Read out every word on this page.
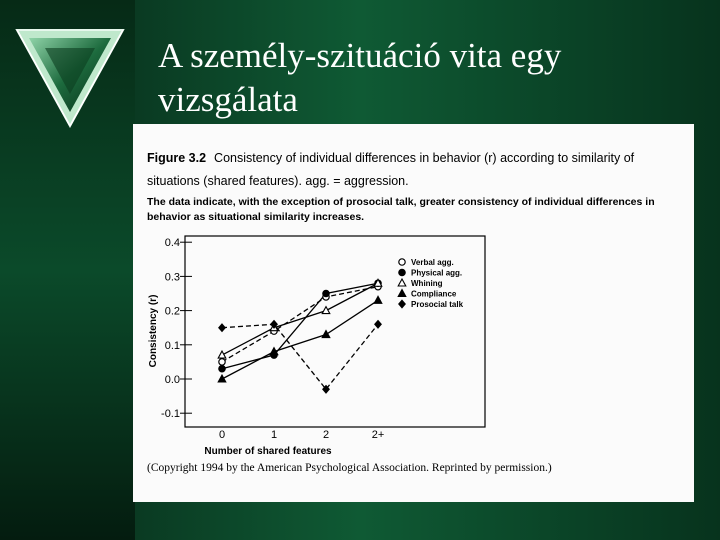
A személy-szituáció vita egy vizsgálata
Figure 3.2 Consistency of individual differences in behavior (r) according to similarity of
situations (shared features). agg. = aggression.
The data indicate, with the exception of prosocial talk, greater consistency of individual differences in
behavior as situational similarity increases.
(Copyright 1994 by the American Psychological Association. Reprinted by permission.)
-0.1
0.0
0.1
0.2
0.3
0.4
0	1	2	2+
Consistency (r)
Number of shared features
Verbal agg.
Physical agg.
Whining
Compliance
Prosocial talk
